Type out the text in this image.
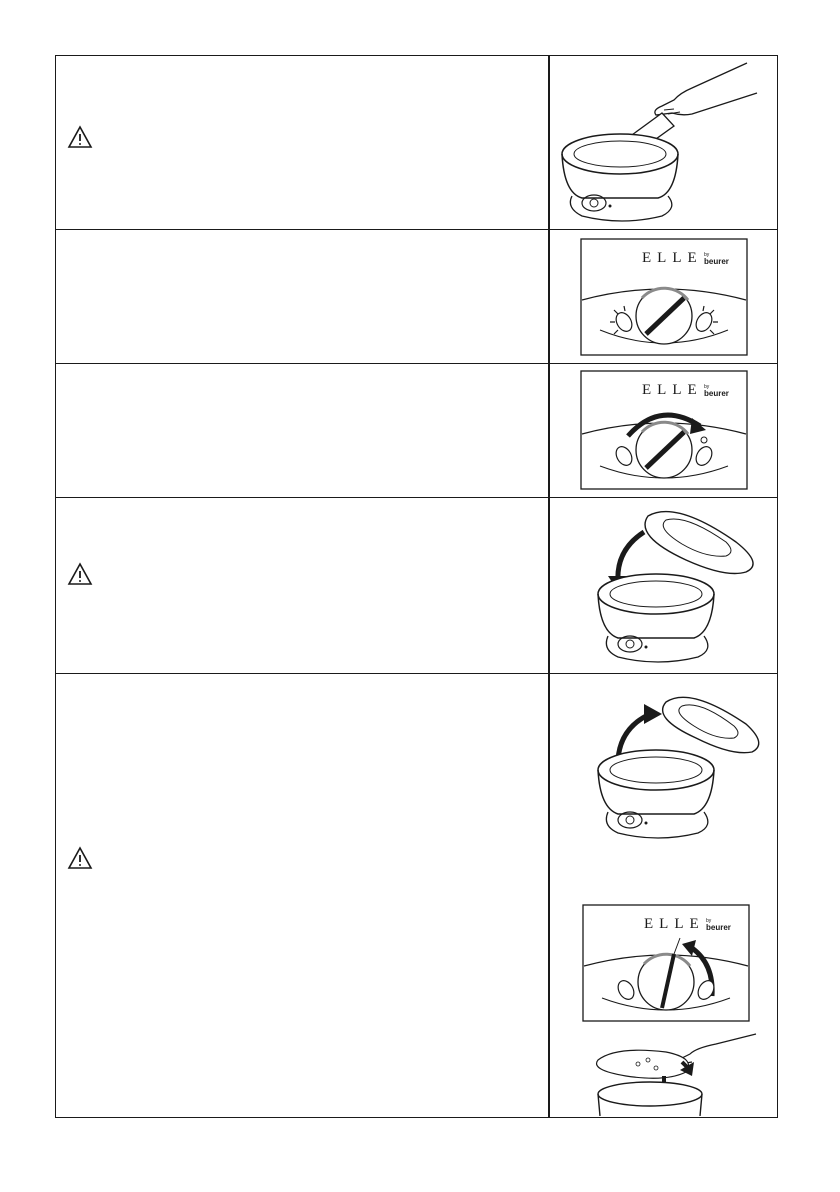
ELLE by
beurer
ELLE by
beurer
ELLE by
beurer
